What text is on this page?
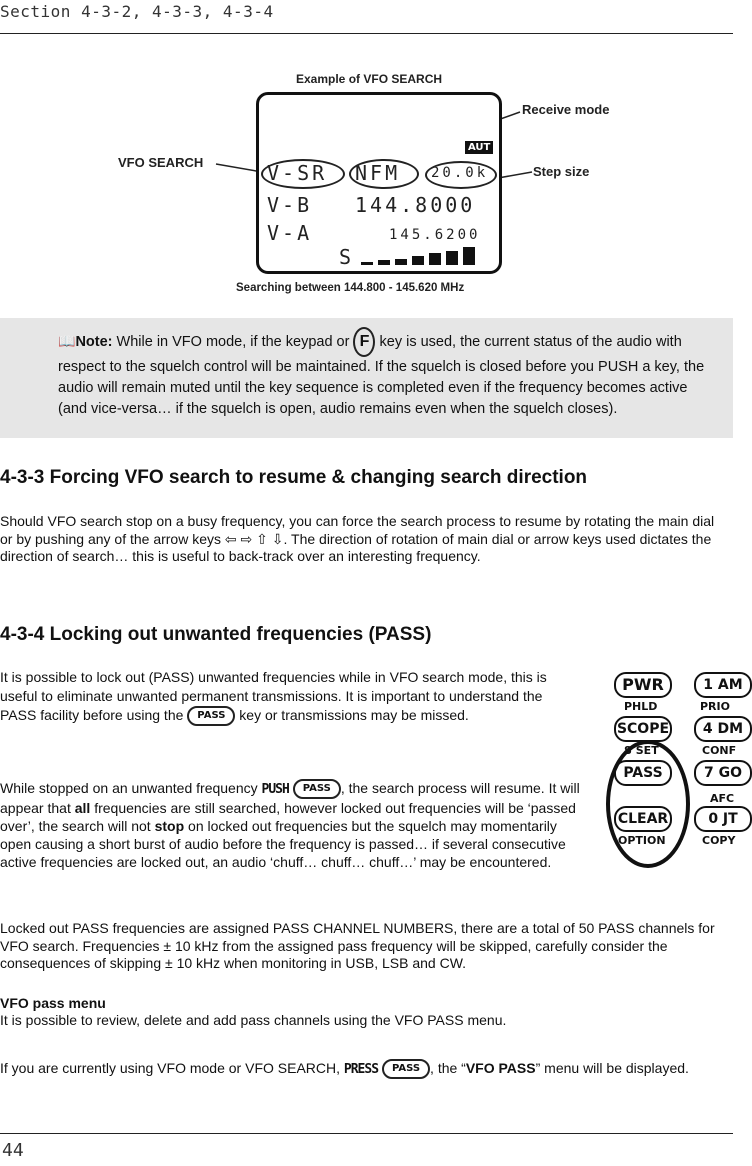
Section 4-3-2, 4-3-3, 4-3-4
Example of VFO SEARCH
VFO SEARCH
Receive mode
Step size
AUT
V-SR NFM 20.0k
V-B 144.8000
V-A	145.6200
S
Searching between 144.800 - 145.620 MHz
📖Note: While in VFO mode, if the keypad or F key is used, the current status of the audio with respect to the squelch control will be maintained. If the squelch is closed before you PUSH a key, the audio will remain muted until the key sequence is completed even if the frequency becomes active (and vice-versa… if the squelch is open, audio remains even when the squelch closes).
4-3-3 Forcing VFO search to resume & changing search direction
Should VFO search stop on a busy frequency, you can force the search process to resume by rotating the main dial or by pushing any of the arrow keys ⇦ ⇨ ⇧ ⇩. The direction of rotation of main dial or arrow keys used dictates the direction of search… this is useful to back-track over an interesting frequency.
4-3-4 Locking out unwanted frequencies (PASS)
It is possible to lock out (PASS) unwanted frequencies while in VFO search mode, this is useful to eliminate unwanted permanent transmissions. It is important to understand the PASS facility before using the PASS key or transmissions may be missed.
While stopped on an unwanted frequency PUSH PASS , the search process will resume. It will appear that all frequencies are still searched, however locked out frequencies will be ‘passed over’, the search will not stop on locked out frequencies but the squelch may momentarily open causing a short burst of audio before the frequency is passed… if several consecutive active frequencies are locked out, an audio ‘chuff… chuff… chuff…’ may be encountered.
Locked out PASS frequencies are assigned PASS CHANNEL NUMBERS, there are a total of 50 PASS channels for VFO search. Frequencies ± 10 kHz from the assigned pass frequency will be skipped, carefully consider the consequences of skipping ± 10 kHz when monitoring in USB, LSB and CW.
VFO pass menu
It is possible to review, delete and add pass channels using the VFO PASS menu.
If you are currently using VFO mode or VFO SEARCH, PRESS PASS , the “VFO PASS” menu will be displayed.
PWR	1 AM
PHLD	PRIO
SCOPE	4 DM
S SET	CONF
PASS	7 GO
AFC
CLEAR	0 JT
OPTION	COPY
44
